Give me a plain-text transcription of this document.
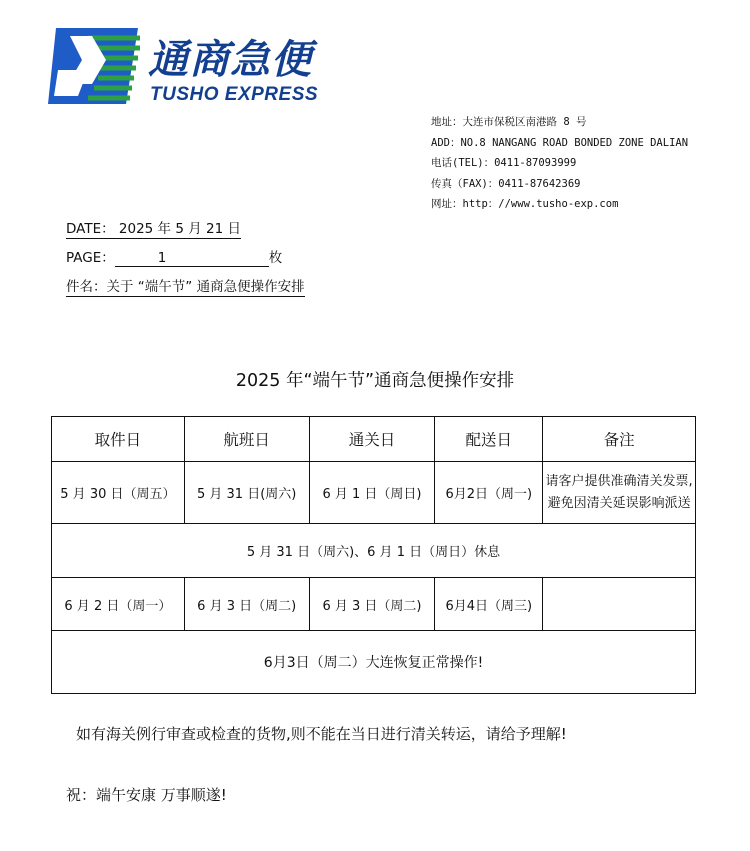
通商急便
TUSHO EXPRESS
地址：大连市保税区南港路 8 号
ADD：NO.8 NANGANG ROAD BONDED ZONE DALIAN
电话(TEL)：0411-87093999
传真（FAX)：0411-87642369
网址：http：//www.tusho-exp.com
DATE： 2025 年 5 月 21 日
PAGE：	1	枚
件名：关于 “端午节” 通商急便操作安排
2025 年“端午节”通商急便操作安排
取件日	航班日	通关日	配送日	备注
5 月 30 日（周五）	5 月 31 日(周六)	6 月 1 日（周日)	6月2日（周一)	请客户提供准确清关发票,
避免因清关延误影响派送

5 月 31 日（周六)、6 月 1 日（周日）休息				
6 月 2 日（周一）	6 月 3 日（周二)	6 月 3 日（周二)	6月4日（周三)	
6月3日（周二）大连恢复正常操作!				
如有海关例行审查或检查的货物,则不能在当日进行清关转运，请给予理解!
祝：端午安康 万事顺遂!
